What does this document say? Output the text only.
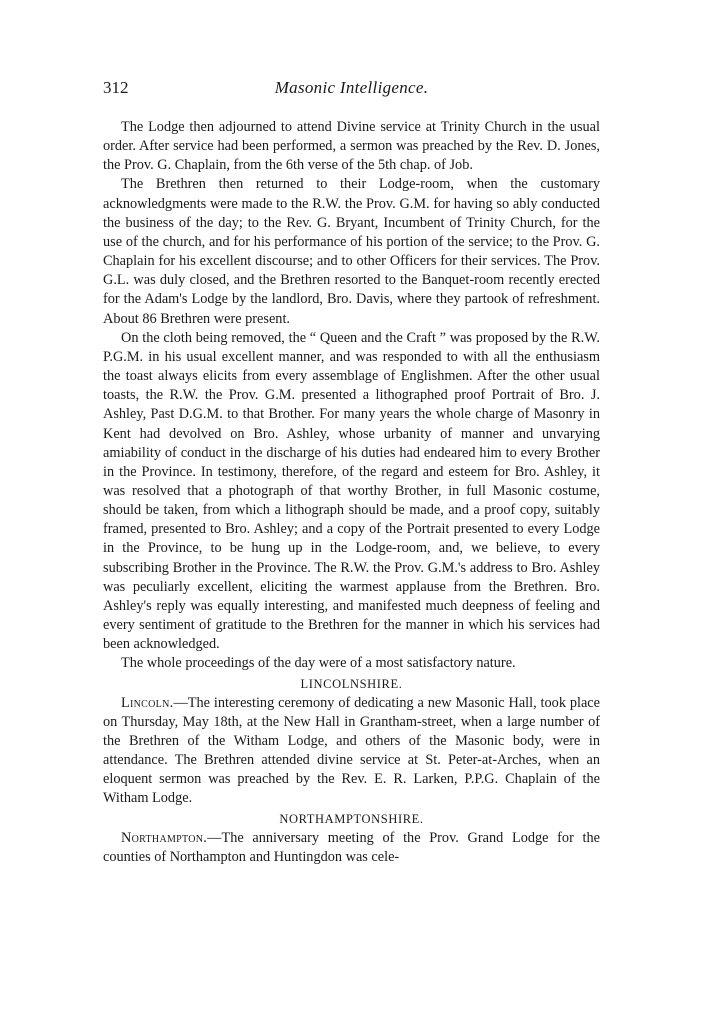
312	Masonic Intelligence.

The Lodge then adjourned to attend Divine service at Trinity Church in the usual order. After service had been performed, a sermon was preached by the Rev. D. Jones, the Prov. G. Chaplain, from the 6th verse of the 5th chap. of Job.

The Brethren then returned to their Lodge-room, when the customary acknowledgments were made to the R.W. the Prov. G.M. for having so ably conducted the business of the day; to the Rev. G. Bryant, Incumbent of Trinity Church, for the use of the church, and for his performance of his portion of the service; to the Prov. G. Chaplain for his excellent discourse; and to other Officers for their services. The Prov. G.L. was duly closed, and the Brethren resorted to the Banquet-room recently erected for the Adam's Lodge by the landlord, Bro. Davis, where they partook of refreshment. About 86 Brethren were present.

On the cloth being removed, the “ Queen and the Craft ” was proposed by the R.W. P.G.M. in his usual excellent manner, and was responded to with all the enthusiasm the toast always elicits from every assemblage of Englishmen. After the other usual toasts, the R.W. the Prov. G.M. presented a lithographed proof Portrait of Bro. J. Ashley, Past D.G.M. to that Brother. For many years the whole charge of Masonry in Kent had devolved on Bro. Ashley, whose urbanity of manner and unvarying amiability of conduct in the discharge of his duties had endeared him to every Brother in the Province. In testimony, therefore, of the regard and esteem for Bro. Ashley, it was resolved that a photograph of that worthy Brother, in full Masonic costume, should be taken, from which a lithograph should be made, and a proof copy, suitably framed, presented to Bro. Ashley; and a copy of the Portrait presented to every Lodge in the Province, to be hung up in the Lodge-room, and, we believe, to every subscribing Brother in the Province. The R.W. the Prov. G.M.'s address to Bro. Ashley was peculiarly excellent, eliciting the warmest applause from the Brethren. Bro. Ashley's reply was equally interesting, and manifested much deepness of feeling and every sentiment of gratitude to the Brethren for the manner in which his services had been acknowledged.

The whole proceedings of the day were of a most satisfactory nature.

LINCOLNSHIRE.

Lincoln.—The interesting ceremony of dedicating a new Masonic Hall, took place on Thursday, May 18th, at the New Hall in Grantham-street, when a large number of the Brethren of the Witham Lodge, and others of the Masonic body, were in attendance. The Brethren attended divine service at St. Peter-at-Arches, when an eloquent sermon was preached by the Rev. E. R. Larken, P.P.G. Chaplain of the Witham Lodge.

NORTHAMPTONSHIRE.

Northampton.—The anniversary meeting of the Prov. Grand Lodge for the counties of Northampton and Huntingdon was cele-
